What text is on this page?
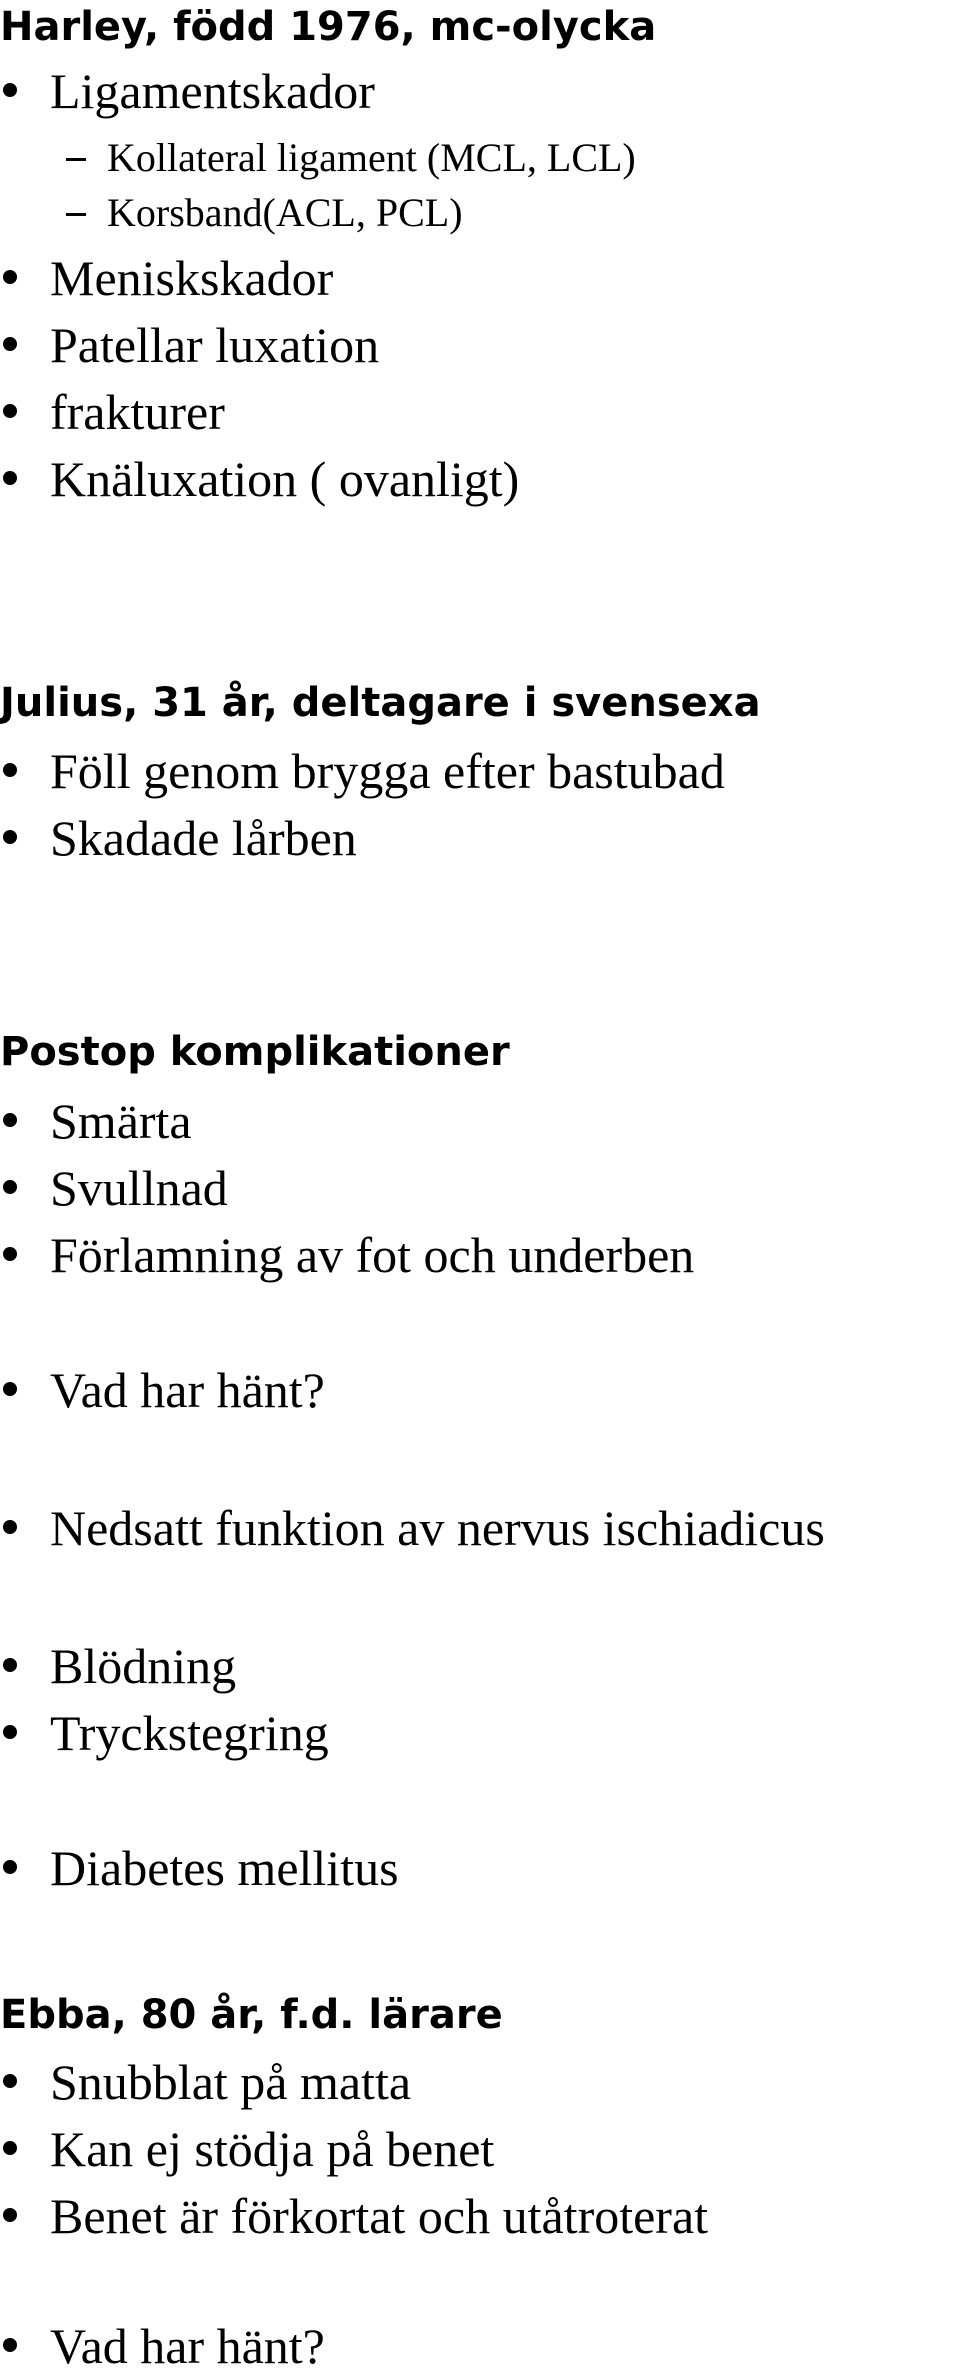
Harley, född 1976, mc-olycka
Ligamentskador
Kollateral ligament (MCL, LCL)
Korsband(ACL, PCL)
Meniskskador
Patellar luxation
frakturer
Knäluxation ( ovanligt)
Julius, 31 år, deltagare i svensexa
Föll genom brygga efter bastubad
Skadade lårben
Postop komplikationer
Smärta
Svullnad
Förlamning av fot och underben
Vad har hänt?
Nedsatt funktion av nervus ischiadicus
Blödning
Tryckstegring
Diabetes mellitus
Ebba, 80 år, f.d. lärare
Snubblat på matta
Kan ej stödja på benet
Benet är förkortat och utåtroterat
Vad har hänt?
